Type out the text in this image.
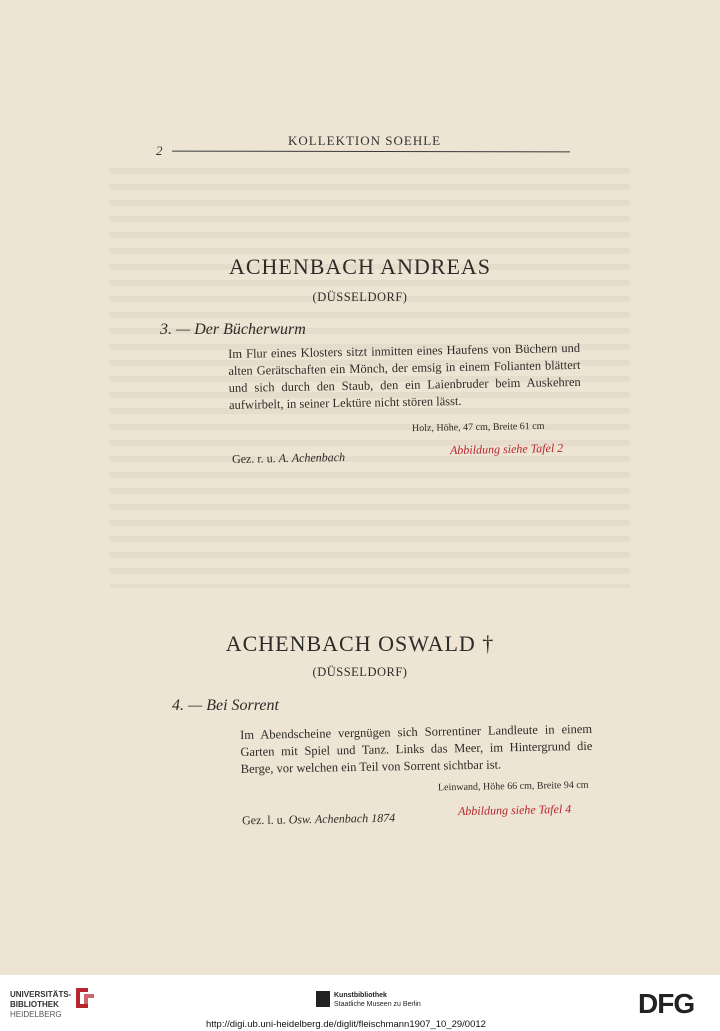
2
KOLLEKTION SOEHLE
ACHENBACH ANDREAS
(DÜSSELDORF)
3. — Der Bücherwurm
Im Flur eines Klosters sitzt inmitten eines Haufens von Büchern und alten Gerätschaften ein Mönch, der emsig in einem Folianten blättert und sich durch den Staub, den ein Laienbruder beim Auskehren aufwirbelt, in seiner Lektüre nicht stören lässt.
Holz, Höhe, 47 cm, Breite 61 cm
Gez. r. u. A. Achenbach
Abbildung siehe Tafel 2
ACHENBACH OSWALD †
(DÜSSELDORF)
4. — Bei Sorrent
Im Abendscheine vergnügen sich Sorrentiner Landleute in einem Garten mit Spiel und Tanz. Links das Meer, im Hintergrund die Berge, vor welchen ein Teil von Sorrent sichtbar ist.
Leinwand, Höhe 66 cm, Breite 94 cm
Gez. l. u. Osw. Achenbach 1874
Abbildung siehe Tafel 4
UNIVERSITÄTS-
BIBLIOTHEK
HEIDELBERG
Kunstbibliothek
Staatliche Museen zu Berlin	DFG
http://digi.ub.uni-heidelberg.de/diglit/fleischmann1907_10_29/0012
